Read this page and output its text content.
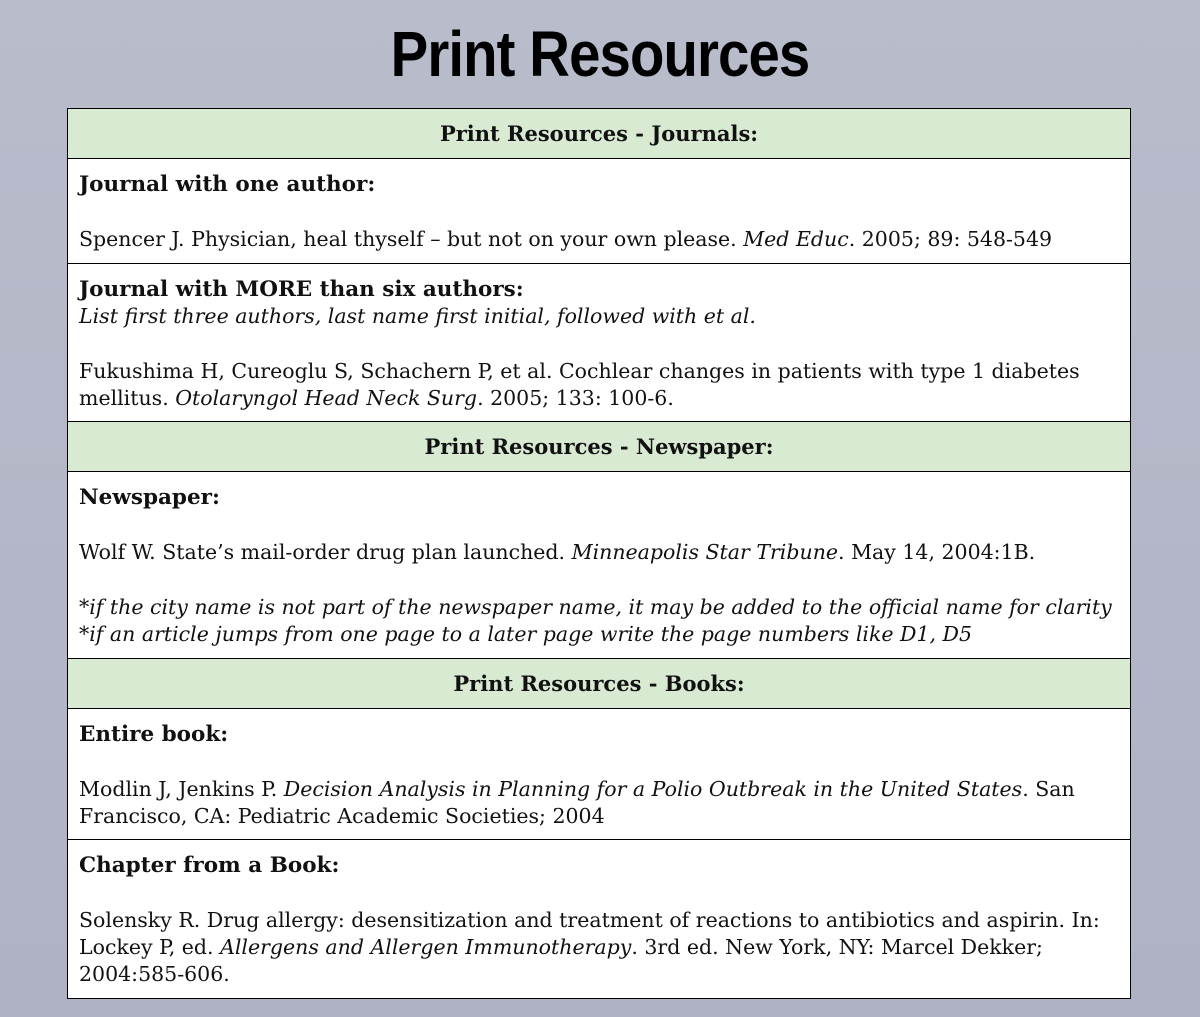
Print Resources
Print Resources - Journals:
Journal with one author:
Spencer J. Physician, heal thyself – but not on your own please. Med Educ. 2005; 89: 548-549
Journal with MORE than six authors:
List first three authors, last name first initial, followed with et al.
Fukushima H, Cureoglu S, Schachern P, et al. Cochlear changes in patients with type 1 diabetes mellitus. Otolaryngol Head Neck Surg. 2005; 133: 100-6.
Print Resources - Newspaper:
Newspaper:
Wolf W. State’s mail-order drug plan launched. Minneapolis Star Tribune. May 14, 2004:1B.
*if the city name is not part of the newspaper name, it may be added to the official name for clarity
*if an article jumps from one page to a later page write the page numbers like D1, D5
Print Resources - Books:
Entire book:
Modlin J, Jenkins P. Decision Analysis in Planning for a Polio Outbreak in the United States. San Francisco, CA: Pediatric Academic Societies; 2004
Chapter from a Book:
Solensky R. Drug allergy: desensitization and treatment of reactions to antibiotics and aspirin. In: Lockey P, ed. Allergens and Allergen Immunotherapy. 3rd ed. New York, NY: Marcel Dekker; 2004:585-606.
